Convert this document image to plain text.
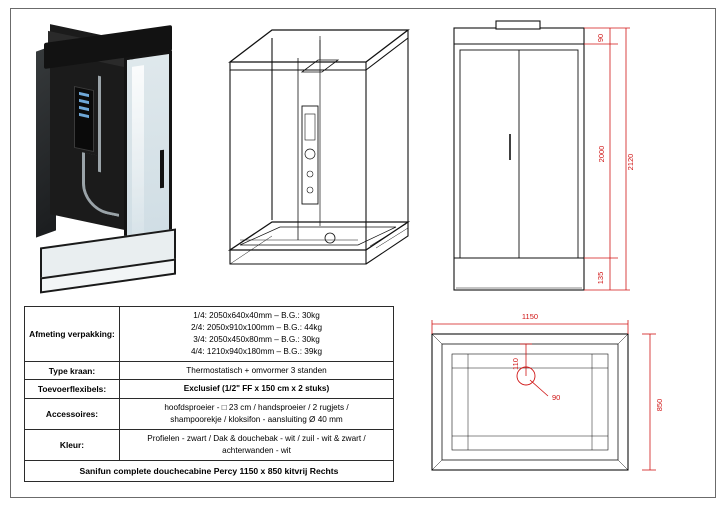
90
2000
135
2120
1150
850
110
90
Afmeting verpakking:	1/4: 2050x640x40mm – B.G.: 30kg
2/4: 2050x910x100mm – B.G.: 44kg
3/4: 2050x450x80mm – B.G.: 30kg
4/4: 1210x940x180mm – B.G.: 39kg

Type kraan:	Thermostatisch + omvormer 3 standen
Toevoerflexibels:	Exclusief (1/2" FF x 150 cm x 2 stuks)
Accessoires:	hoofdsproeier - □ 23 cm / handsproeier / 2 rugjets /
shampoorekje / kloksifon - aansluiting Ø 40 mm

Kleur:	Profielen - zwart / Dak & douchebak - wit / zuil - wit & zwart /
achterwanden - wit

Sanifun complete douchecabine Percy 1150 x 850 kitvrij Rechts	
